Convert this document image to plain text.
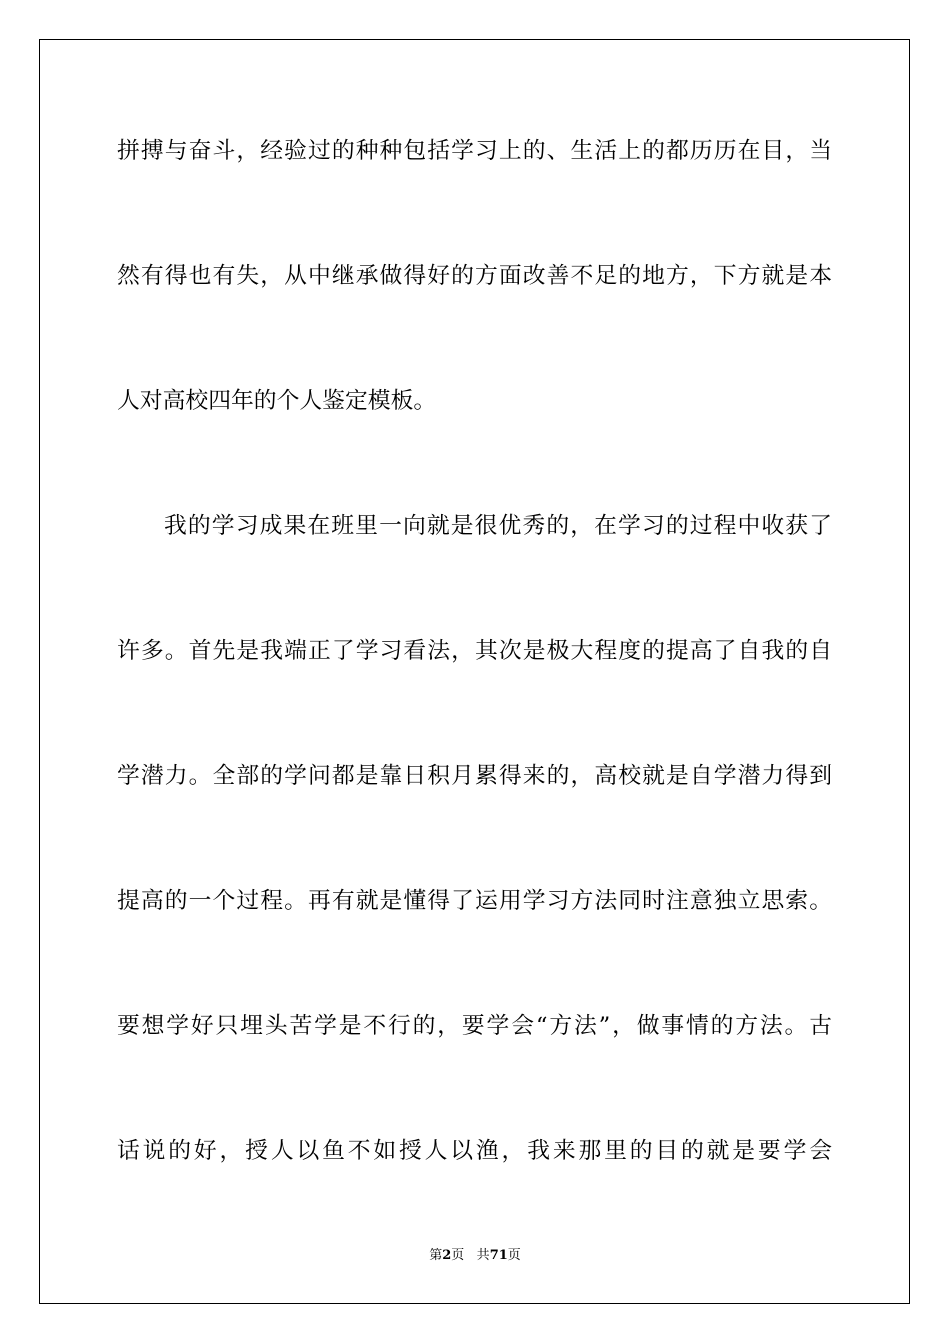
拼搏与奋斗，经验过的种种包括学习上的、生活上的都历历在目，当
然有得也有失，从中继承做得好的方面改善不足的地方，下方就是本
人对高校四年的个人鉴定模板。
我的学习成果在班里一向就是很优秀的，在学习的过程中收获了
许多。首先是我端正了学习看法，其次是极大程度的提高了自我的自
学潜力。全部的学问都是靠日积月累得来的，高校就是自学潜力得到
提高的一个过程。再有就是懂得了运用学习方法同时注意独立思索。
要想学好只埋头苦学是不行的，要学会“方法”，做事情的方法。古
话说的好，授人以鱼不如授人以渔，我来那里的目的就是要学会
第2页 共71页
